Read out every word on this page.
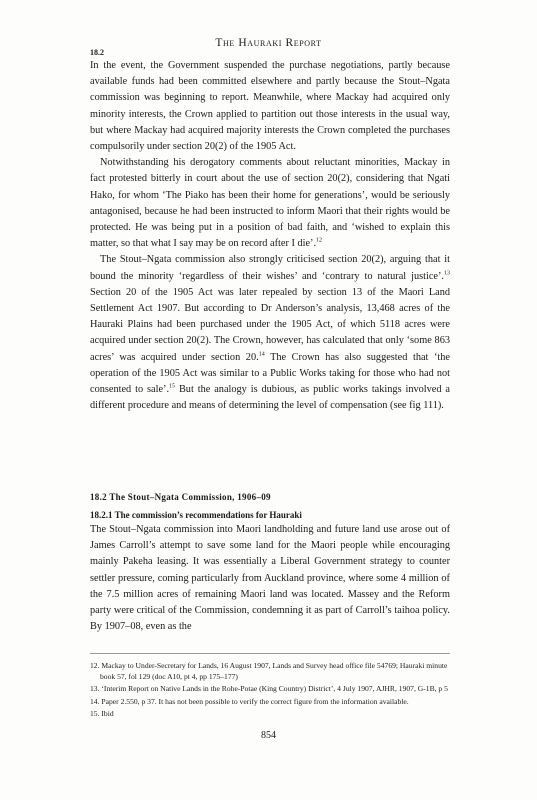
The Hauraki Report
18.2

In the event, the Government suspended the purchase negotiations, partly because available funds had been committed elsewhere and partly because the Stout–Ngata commission was beginning to report. Meanwhile, where Mackay had acquired only minority interests, the Crown applied to partition out those interests in the usual way, but where Mackay had acquired majority interests the Crown completed the purchases compulsorily under section 20(2) of the 1905 Act.

Notwithstanding his derogatory comments about reluctant minorities, Mackay in fact protested bitterly in court about the use of section 20(2), considering that Ngati Hako, for whom ‘The Piako has been their home for generations’, would be seriously antagonised, because he had been instructed to inform Maori that their rights would be protected. He was being put in a position of bad faith, and ‘wished to explain this matter, so that what I say may be on record after I die’.$^{12}$

The Stout–Ngata commission also strongly criticised section 20(2), arguing that it bound the minority ‘regardless of their wishes’ and ‘contrary to natural justice’.$^{13}$ Section 20 of the 1905 Act was later repealed by section 13 of the Maori Land Settlement Act 1907. But according to Dr Anderson’s analysis, 13,468 acres of the Hauraki Plains had been purchased under the 1905 Act, of which 5118 acres were acquired under section 20(2). The Crown, however, has calculated that only ‘some 863 acres’ was acquired under section 20.14 The Crown has also suggested that ‘the operation of the 1905 Act was similar to a Public Works taking for those who had not consented to sale’.$^{15}$ But the analogy is dubious, as public works takings involved a different procedure and means of determining the level of compensation (see fig 111).

18.2 The Stout–Ngata Commission, 1906–09
18.2.1 The commission’s recommendations for Hauraki

The Stout–Ngata commission into Maori landholding and future land use arose out of James Carroll’s attempt to save some land for the Maori people while encouraging mainly Pakeha leasing. It was essentially a Liberal Government strategy to counter settler pressure, coming particularly from Auckland province, where some 4 million of the 7.5 million acres of remaining Maori land was located. Massey and the Reform party were critical of the Commission, condemning it as part of Carroll’s taihoa policy. By 1907–08, even as the

12. Mackay to Under-Secretary for Lands, 16 August 1907, Lands and Survey head office file 54769; Hauraki minute book 57, fol 129 (doc A10, pt 4, pp 175–177)

13. ‘Interim Report on Native Lands in the Rohe-Potae (King Country) District’, 4 July 1907, AJHR, 1907, G-1B, p 5

14. Paper 2.550, p 37. It has not been possible to verify the correct figure from the information available.

15. Ibid

854
